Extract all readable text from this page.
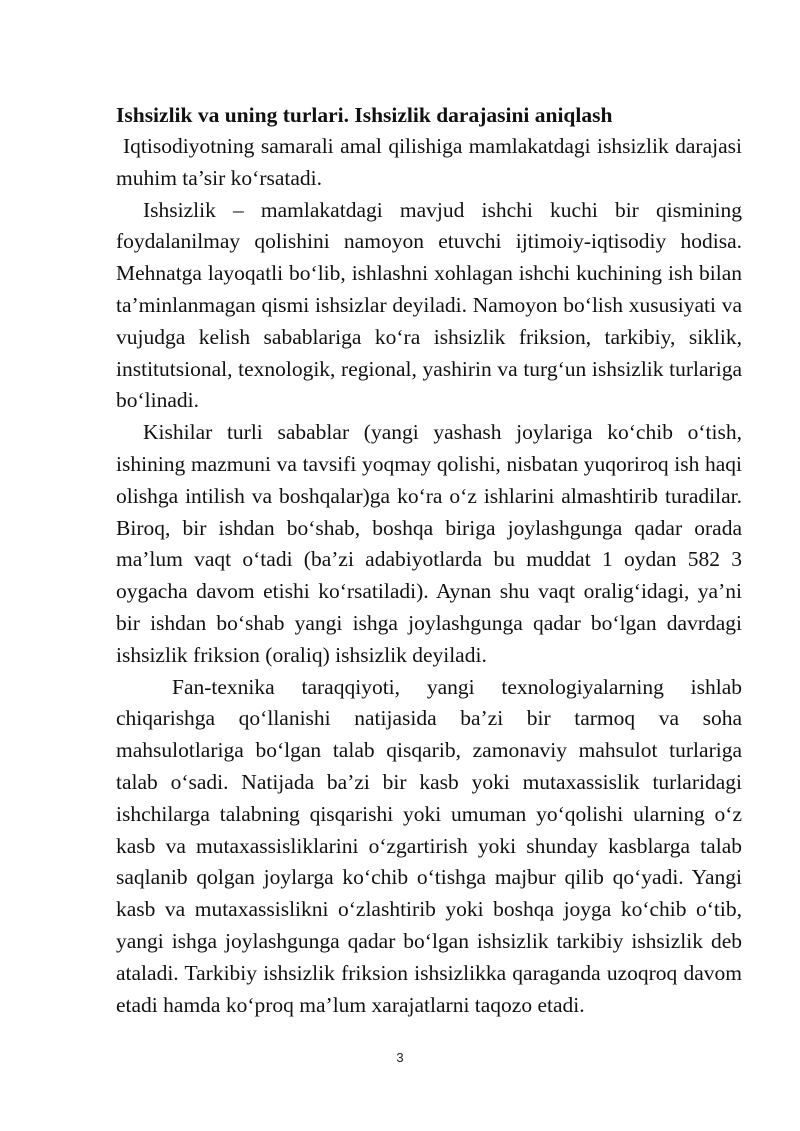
Ishsizlik va uning turlari. Ishsizlik darajasini aniqlash

Iqtisodiyotning samarali amal qilishiga mamlakatdagi ishsizlik darajasi muhim ta’sir ko‘rsatadi.

Ishsizlik – mamlakatdagi mavjud ishchi kuchi bir qismining foydalanilmay qolishini namoyon etuvchi ijtimoiy-iqtisodiy hodisa. Mehnatga layoqatli bo‘lib, ishlashni xohlagan ishchi kuchining ish bilan ta’minlanmagan qismi ishsizlar deyiladi. Namoyon bo‘lish xususiyati va vujudga kelish sabablariga ko‘ra ishsizlik friksion, tarkibiy, siklik, institutsional, texnologik, regional, yashirin va turg‘un ishsizlik turlariga bo‘linadi.

Kishilar turli sabablar (yangi yashash joylariga ko‘chib o‘tish, ishining mazmuni va tavsifi yoqmay qolishi, nisbatan yuqoriroq ish haqi olishga intilish va boshqalar)ga ko‘ra o‘z ishlarini almashtirib turadilar. Biroq, bir ishdan bo‘shab, boshqa biriga joylashgunga qadar orada ma’lum vaqt o‘tadi (ba’zi adabiyotlarda bu muddat 1 oydan 582 3 oygacha davom etishi ko‘rsatiladi). Aynan shu vaqt oralig‘idagi, ya’ni bir ishdan bo‘shab yangi ishga joylashgunga qadar bo‘lgan davrdagi ishsizlik friksion (oraliq) ishsizlik deyiladi.

Fan-texnika taraqqiyoti, yangi texnologiyalarning ishlab chiqarishga qo‘llanishi natijasida ba’zi bir tarmoq va soha mahsulotlariga bo‘lgan talab qisqarib, zamonaviy mahsulot turlariga talab o‘sadi. Natijada ba’zi bir kasb yoki mutaxassislik turlaridagi ishchilarga talabning qisqarishi yoki umuman yo‘qolishi ularning o‘z kasb va mutaxassisliklarini o‘zgartirish yoki shunday kasblarga talab saqlanib qolgan joylarga ko‘chib o‘tishga majbur qilib qo‘yadi. Yangi kasb va mutaxassislikni o‘zlashtirib yoki boshqa joyga ko‘chib o‘tib, yangi ishga joylashgunga qadar bo‘lgan ishsizlik tarkibiy ishsizlik deb ataladi. Tarkibiy ishsizlik friksion ishsizlikka qaraganda uzoqroq davom etadi hamda ko‘proq ma’lum xarajatlarni taqozo etadi.

3
